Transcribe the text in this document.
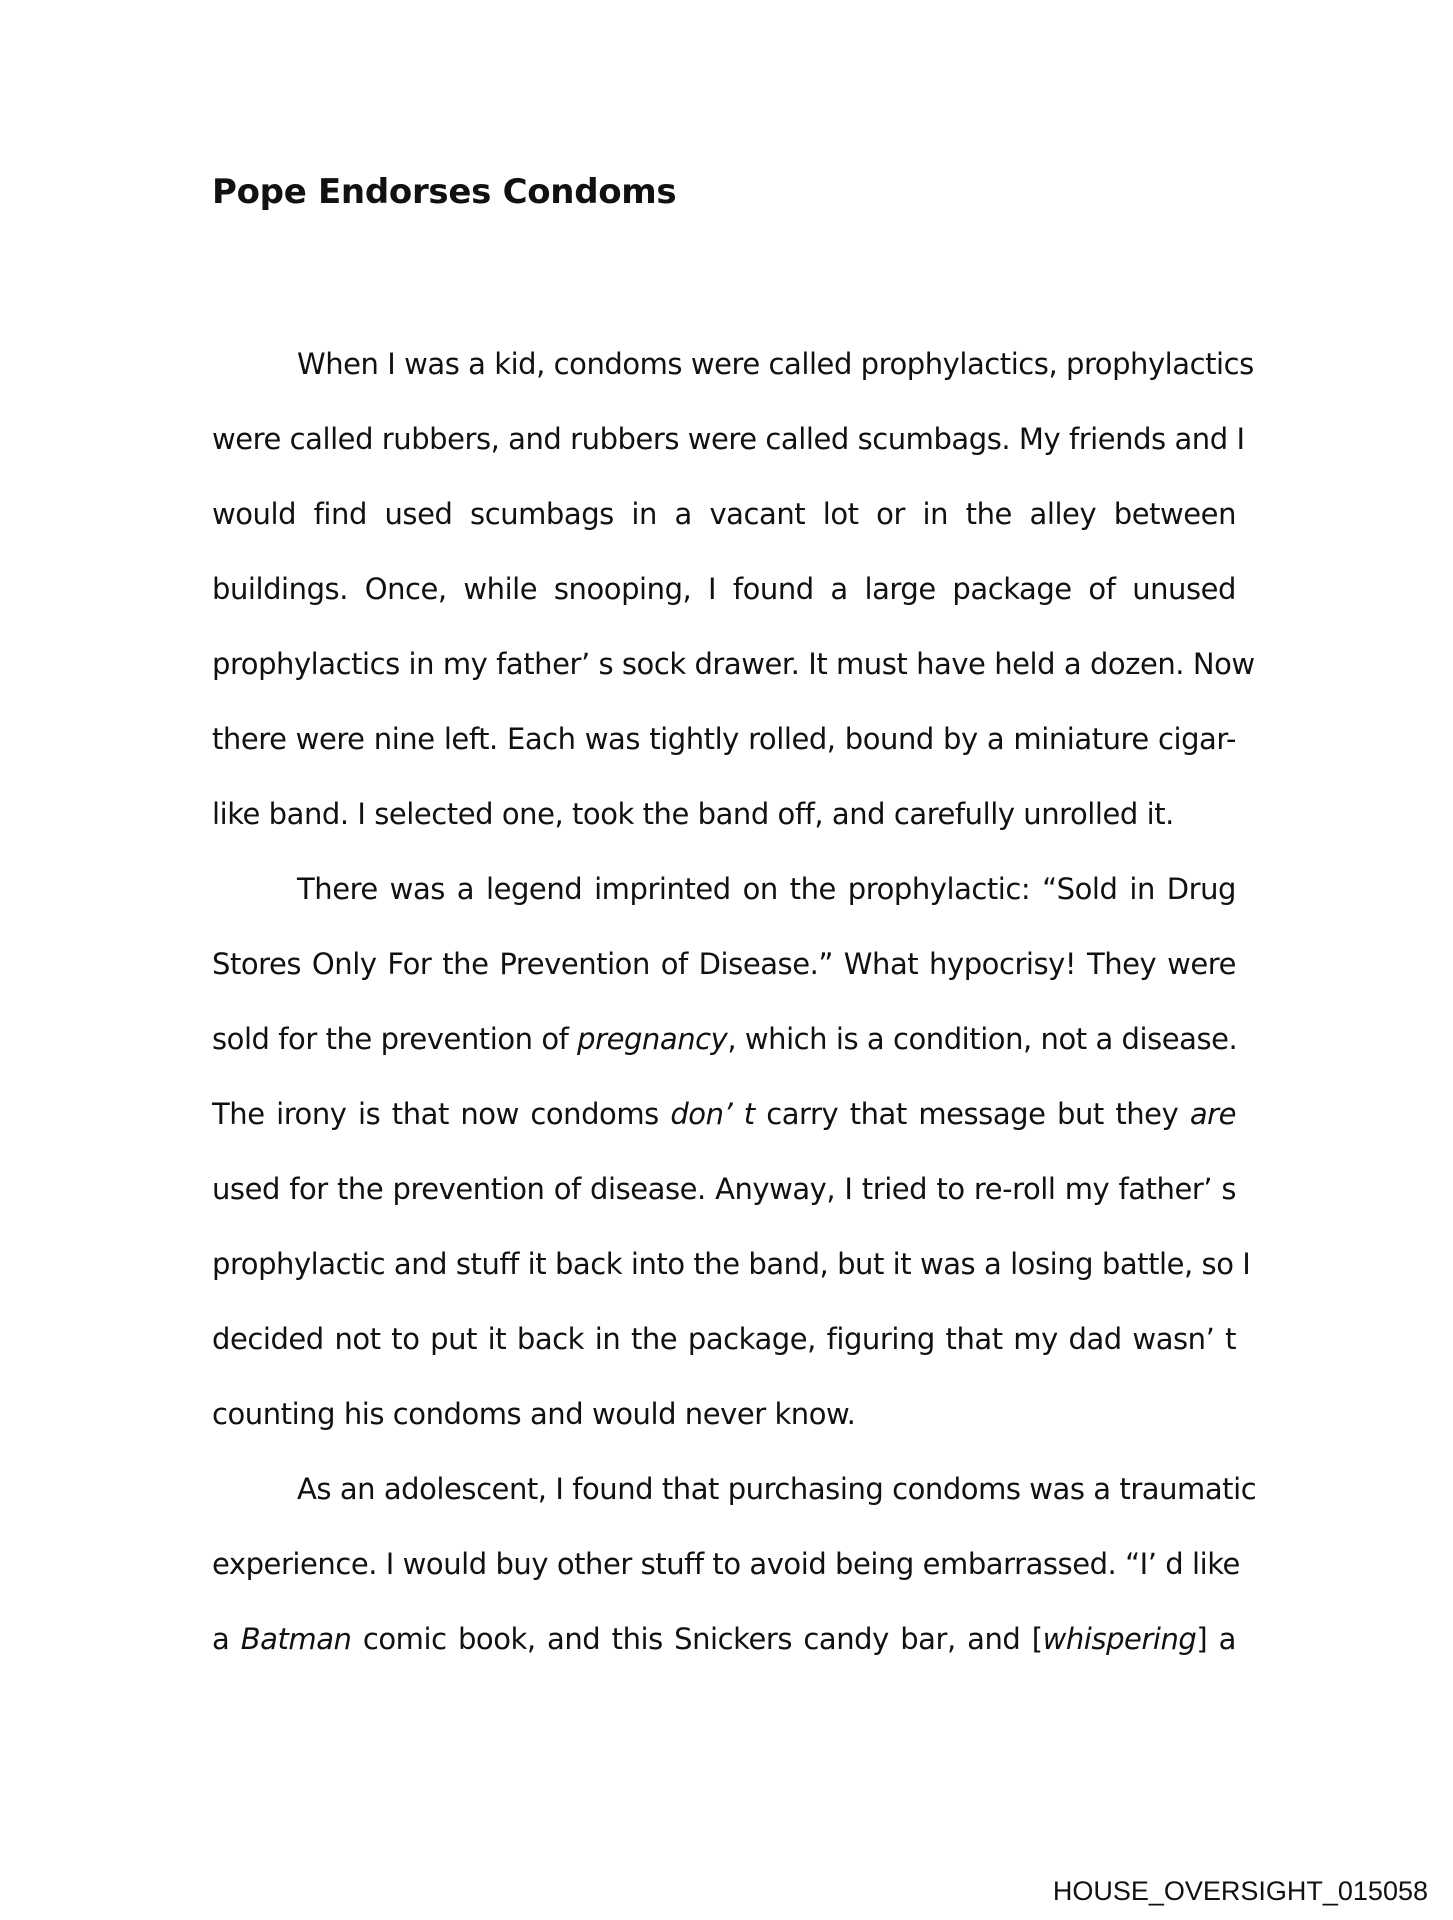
Pope Endorses Condoms

When I was a kid, condoms were called prophylactics, prophylactics
were called rubbers, and rubbers were called scumbags. My friends and I
would find used scumbags in a vacant lot or in the alley between
buildings. Once, while snooping, I found a large package of unused
prophylactics in my father’ s sock drawer. It must have held a dozen. Now
there were nine left. Each was tightly rolled, bound by a miniature cigar-
like band. I selected one, took the band off, and carefully unrolled it.

There was a legend imprinted on the prophylactic: “Sold in Drug
Stores Only For the Prevention of Disease.” What hypocrisy! They were
sold for the prevention of pregnancy, which is a condition, not a disease.
The irony is that now condoms don’ t carry that message but they are
used for the prevention of disease. Anyway, I tried to re-roll my father’ s
prophylactic and stuff it back into the band, but it was a losing battle, so I
decided not to put it back in the package, figuring that my dad wasn’ t
counting his condoms and would never know.

As an adolescent, I found that purchasing condoms was a traumatic
experience. I would buy other stuff to avoid being embarrassed. “I’ d like
a Batman comic book, and this Snickers candy bar, and [whispering] a

HOUSE_OVERSIGHT_015058
